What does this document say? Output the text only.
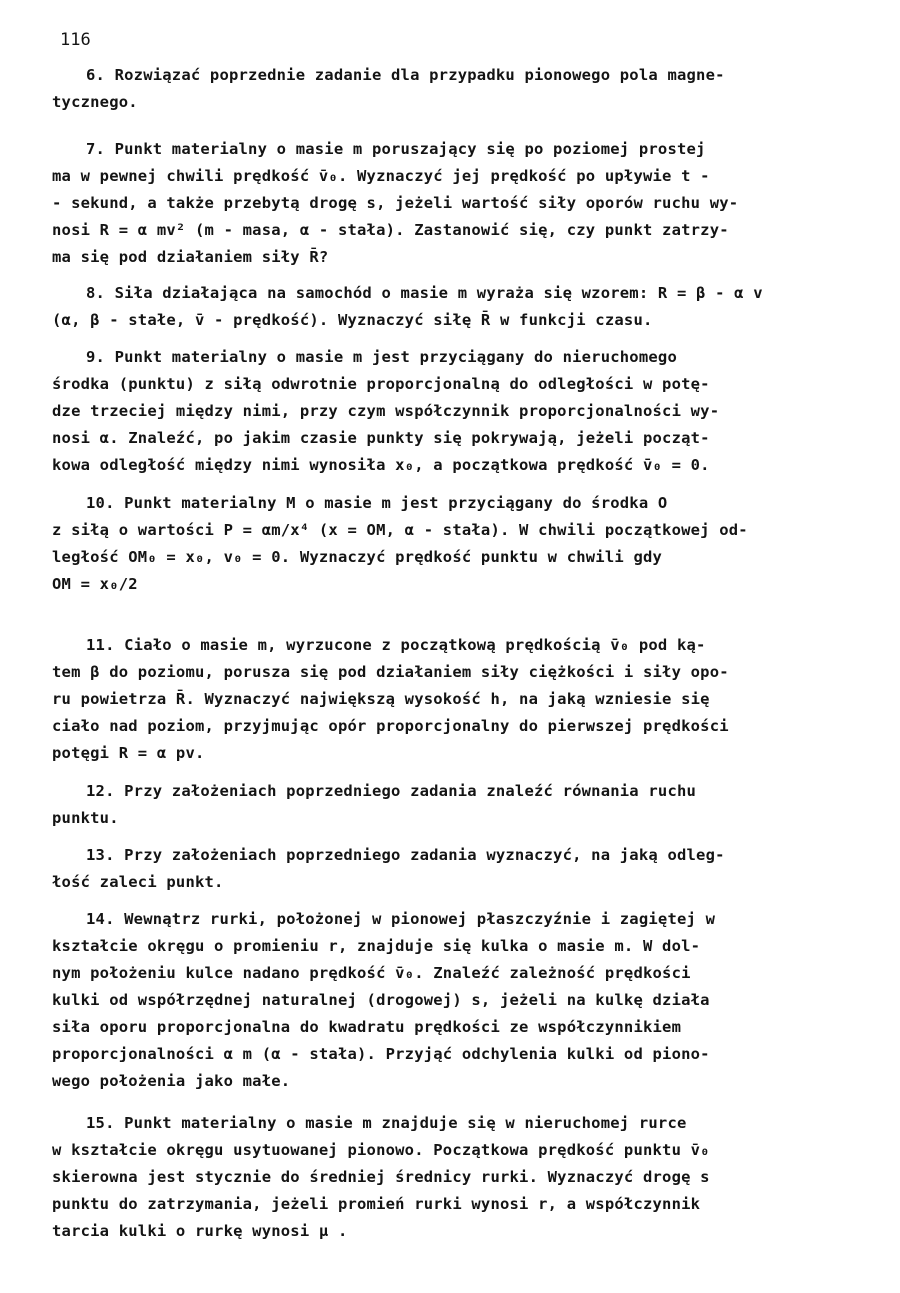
116
6. Rozwiązać poprzednie zadanie dla przypadku pionowego pola magne-
tycznego.
7. Punkt materialny o masie m poruszający się po poziomej prostej
ma w pewnej chwili prędkość v̄₀. Wyznaczyć jej prędkość po upływie t -
- sekund, a także przebytą drogę s, jeżeli wartość siły oporów ruchu wy-
nosi R = α mv² (m - masa, α - stała). Zastanowić się, czy punkt zatrzy-
ma się pod działaniem siły R̄?
8. Siła działająca na samochód o masie m wyraża się wzorem: R = β - α v
(α, β - stałe, v̄ - prędkość). Wyznaczyć siłę R̄ w funkcji czasu.
9. Punkt materialny o masie m jest przyciągany do nieruchomego
środka (punktu) z siłą odwrotnie proporcjonalną do odległości w potę-
dze trzeciej między nimi, przy czym współczynnik proporcjonalności wy-
nosi α. Znaleźć, po jakim czasie punkty się pokrywają, jeżeli począt-
kowa odległość między nimi wynosiła x₀, a początkowa prędkość v̄₀ = 0.
10. Punkt materialny M o masie m jest przyciągany do środka O
z siłą o wartości P = αm/x⁴ (x = OM, α - stała). W chwili początkowej od-
ległość OM₀ = x₀, v₀ = 0. Wyznaczyć prędkość punktu w chwili gdy
OM = x₀/2
11. Ciało o masie m, wyrzucone z początkową prędkością v̄₀ pod ką-
tem β do poziomu, porusza się pod działaniem siły ciężkości i siły opo-
ru powietrza R̄. Wyznaczyć największą wysokość h, na jaką wzniesie się
ciało nad poziom, przyjmując opór proporcjonalny do pierwszej prędkości
potęgi R = α pv.
12. Przy założeniach poprzedniego zadania znaleźć równania ruchu
punktu.
13. Przy założeniach poprzedniego zadania wyznaczyć, na jaką odleg-
łość zaleci punkt.
14. Wewnątrz rurki, położonej w pionowej płaszczyźnie i zagiętej w
kształcie okręgu o promieniu r, znajduje się kulka o masie m. W dol-
nym położeniu kulce nadano prędkość v̄₀. Znaleźć zależność prędkości
kulki od współrzędnej naturalnej (drogowej) s, jeżeli na kulkę działa
siła oporu proporcjonalna do kwadratu prędkości ze współczynnikiem
proporcjonalności α m (α - stała). Przyjąć odchylenia kulki od piono-
wego położenia jako małe.
15. Punkt materialny o masie m znajduje się w nieruchomej rurce
w kształcie okręgu usytuowanej pionowo. Początkowa prędkość punktu v̄₀
skierowna jest stycznie do średniej średnicy rurki. Wyznaczyć drogę s
punktu do zatrzymania, jeżeli promień rurki wynosi r, a współczynnik
tarcia kulki o rurkę wynosi μ .
